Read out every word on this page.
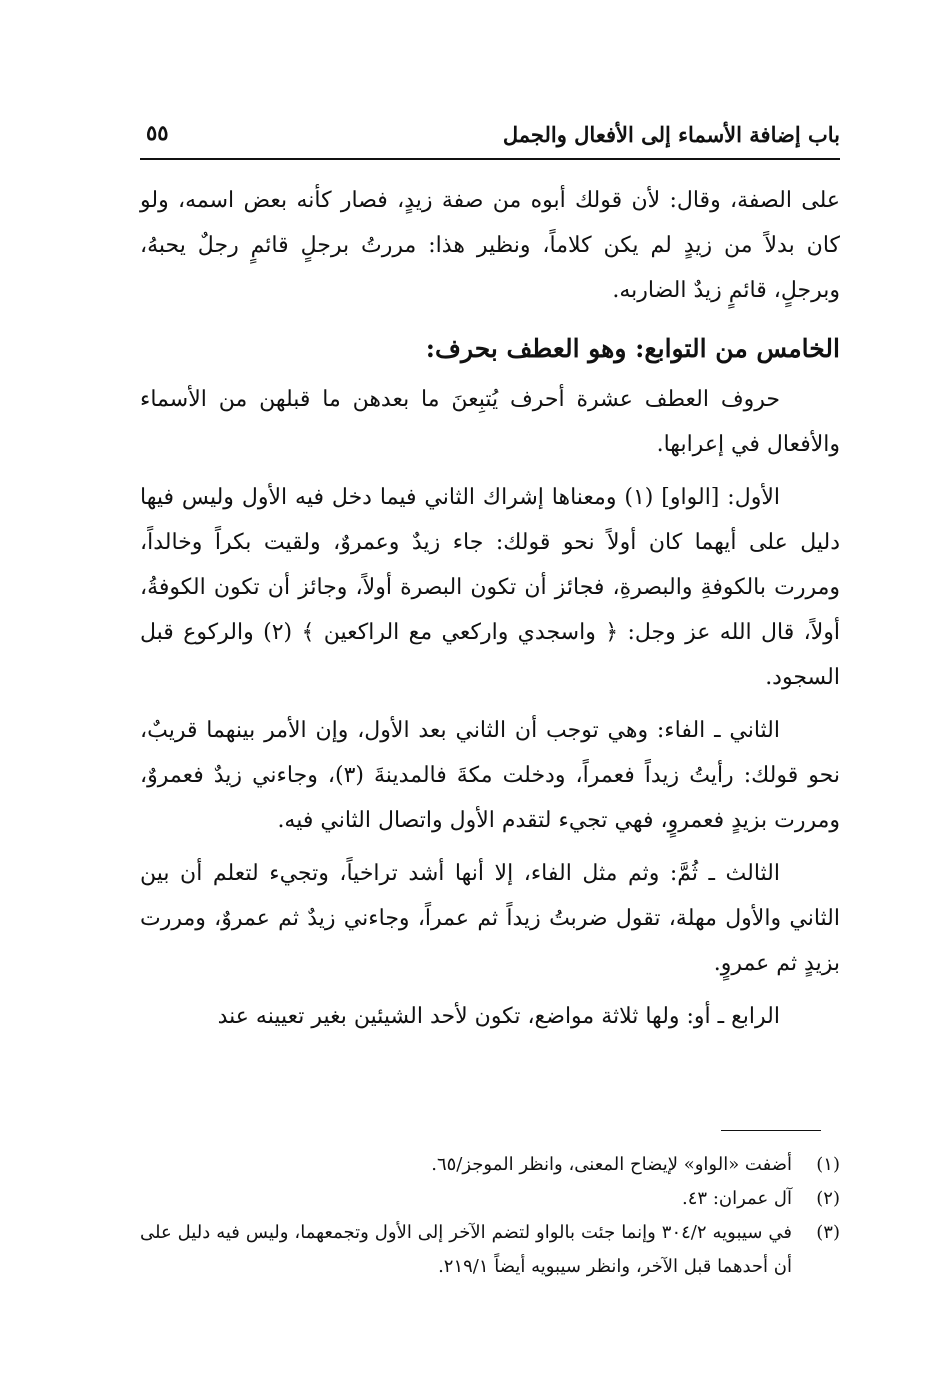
باب إضافة الأسماء إلى الأفعال والجمل
٥٥

على الصفة، وقال: لأن قولك أبوه من صفة زيدٍ، فصار كأنه بعض اسمه، ولو كان بدلاً من زيدٍ لم يكن كلاماً، ونظير هذا: مررتُ برجلٍ قائمٍ رجلٌ يحبهُ، وبرجلٍ، قائمٍ زيدٌ الضاربه.

الخامس من التوابع: وهو العطف بحرف:

حروف العطف عشرة أحرف يُتبِعنَ ما بعدهن ما قبلهن من الأسماء والأفعال في إعرابها.

الأول: [الواو] (١) ومعناها إشراك الثاني فيما دخل فيه الأول وليس فيها دليل على أيهما كان أولاً نحو قولك: جاء زيدٌ وعمروٌ، ولقيت بكراً وخالداً، ومررت بالكوفةِ والبصرةِ، فجائز أن تكون البصرة أولاً، وجائز أن تكون الكوفةُ، أولاً، قال الله عز وجل: ﴿ واسجدي واركعي مع الراكعين ﴾ (٢) والركوع قبل السجود.

الثاني ـ الفاء: وهي توجب أن الثاني بعد الأول، وإن الأمر بينهما قريبٌ، نحو قولك: رأيتُ زيداً فعمراً، ودخلت مكةَ فالمدينةَ (٣)، وجاءني زيدٌ فعمروٌ، ومررت بزيدٍ فعمروٍ، فهي تجيء لتقدم الأول واتصال الثاني فيه.

الثالث ـ ثُمَّ: وثم مثل الفاء، إلا أنها أشد تراخياً، وتجيء لتعلم أن بين الثاني والأول مهلة، تقول ضربتُ زيداً ثم عمراً، وجاءني زيدٌ ثم عمروٌ، ومررت بزيدٍ ثم عمروٍ.

الرابع ـ أو: ولها ثلاثة مواضع، تكون لأحد الشيئين بغير تعيينه عند

(١)
أضفت «الواو» لإيضاح المعنى، وانظر الموجز/٦٥.
(٢)
آل عمران: ٤٣.
(٣)
في سيبويه ٣٠٤/٢ وإنما جئت بالواو لتضم الآخر إلى الأول وتجمعهما، وليس فيه دليل على أن أحدهما قبل الآخر، وانظر سيبويه أيضاً ٢١٩/١.
